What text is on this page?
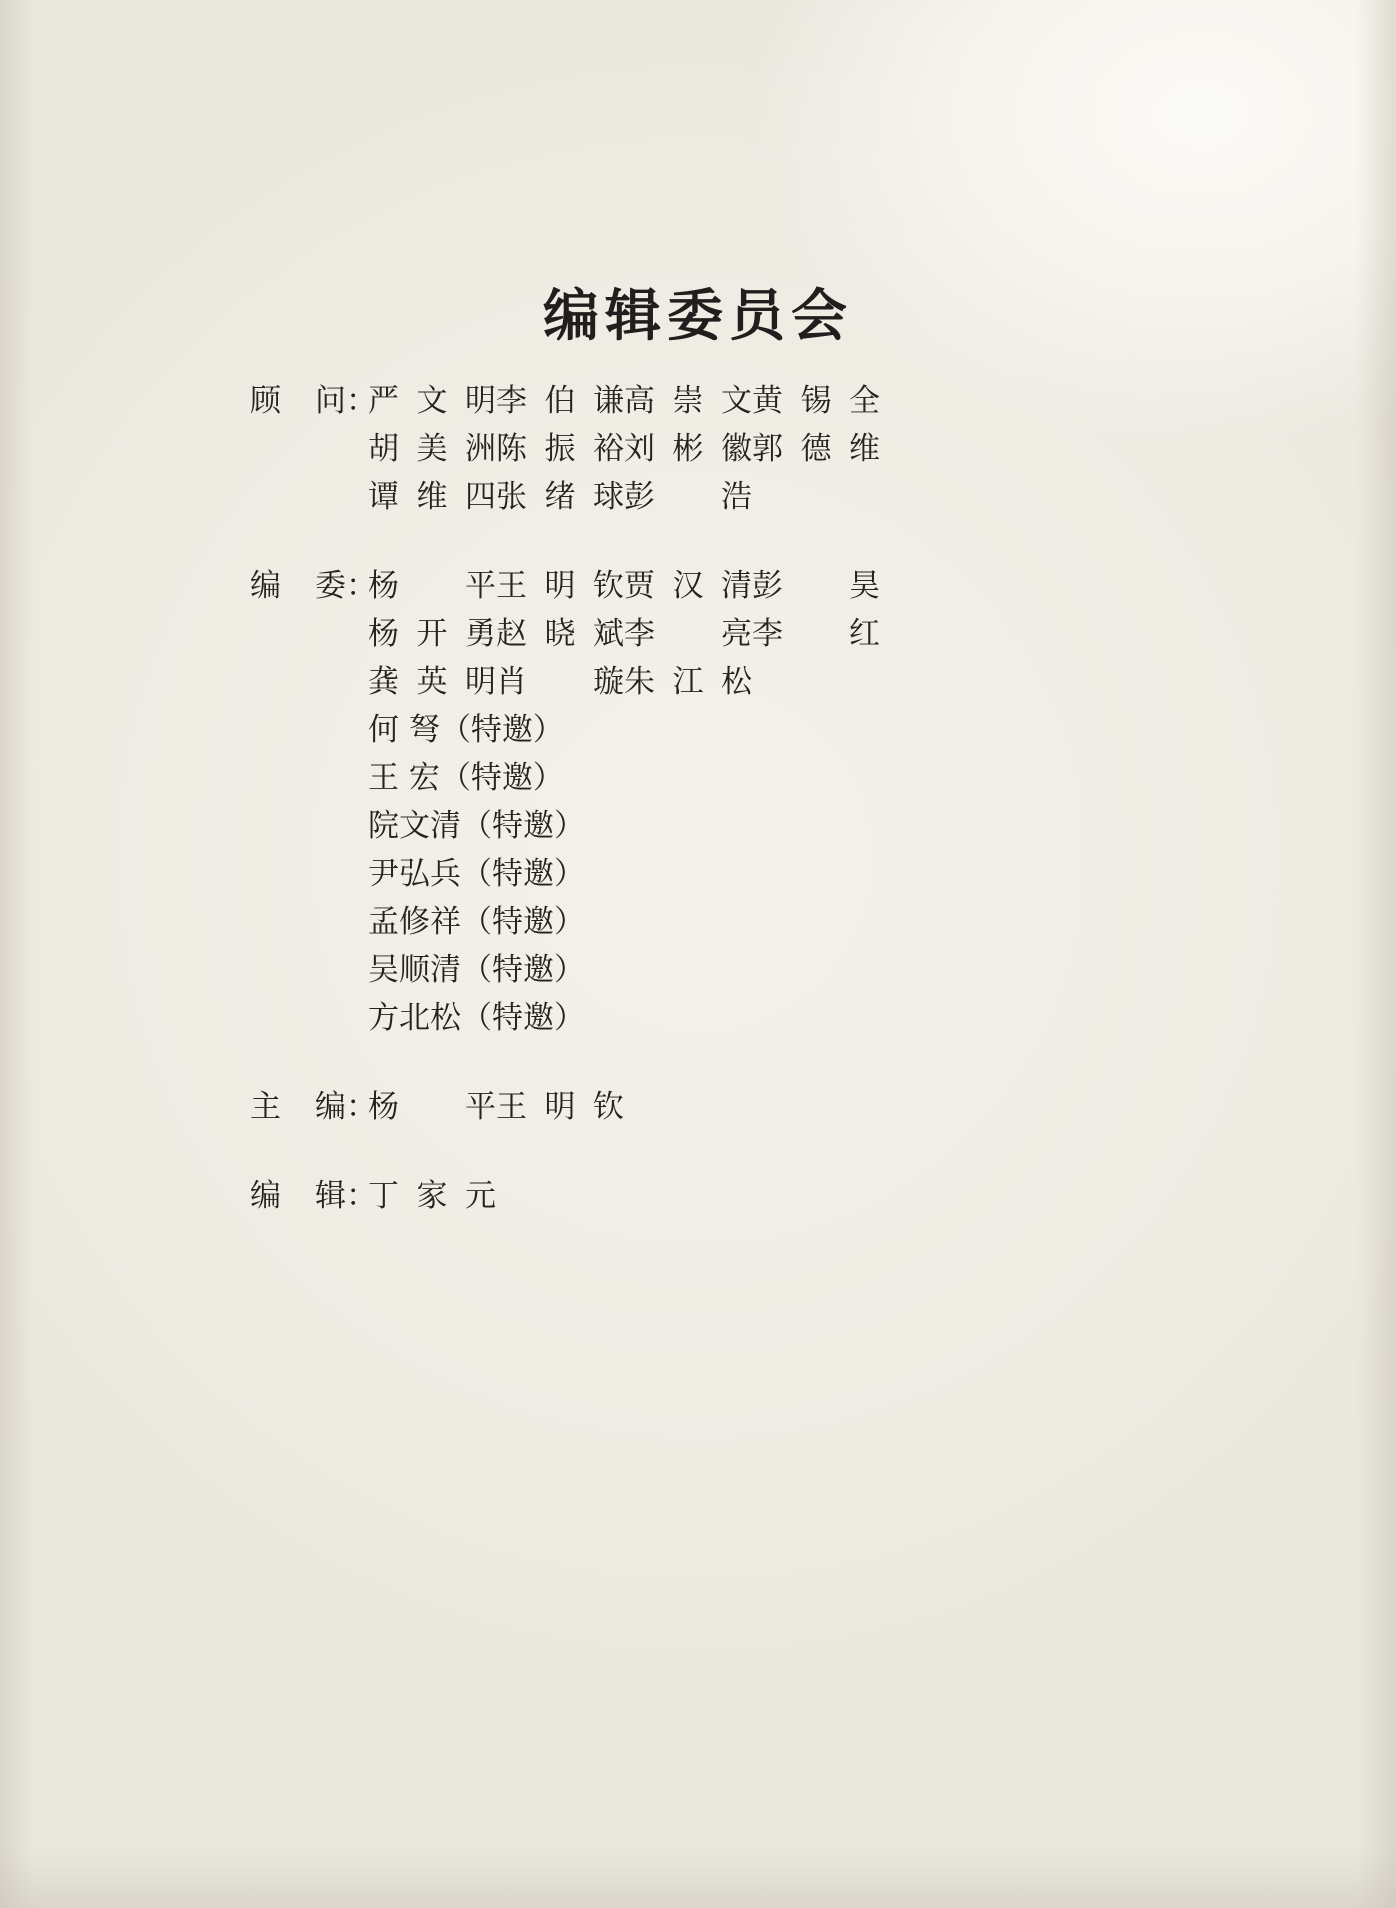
编辑委员会
顾 问：
严文明 李伯谦 高崇文 黄锡全
胡美洲 陈振裕 刘彬徽 郭德维
谭维四 张绪球 彭 浩
编 委：
杨 平 王明钦 贾汉清 彭 昊
杨开勇 赵晓斌 李 亮 李 红
龚英明 肖 璇 朱江松
何 弩（特邀）
王 宏（特邀）
院文清（特邀）
尹弘兵（特邀）
孟修祥（特邀）
吴顺清（特邀）
方北松（特邀）
主 编：
杨 平 王明钦
编 辑：
丁家元
